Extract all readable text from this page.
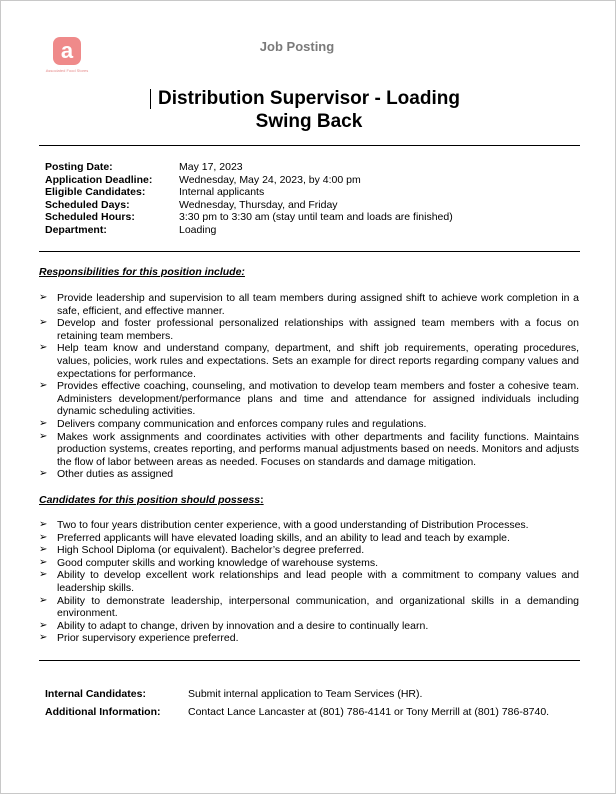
a
Associated Food Stores
Job Posting
Distribution Supervisor - Loading
Swing Back
Posting Date:	May 17, 2023
Application Deadline:	Wednesday, May 24, 2023, by 4:00 pm
Eligible Candidates:	Internal applicants
Scheduled Days:	Wednesday, Thursday, and Friday
Scheduled Hours:	3:30 pm to 3:30 am (stay until team and loads are finished)
Department:	Loading
Responsibilities for this position include:
➢ Provide leadership and supervision to all team members during assigned shift to achieve work completion in a safe, efficient, and effective manner.
➢ Develop and foster professional personalized relationships with assigned team members with a focus on retaining team members.
➢ Help team know and understand company, department, and shift job requirements, operating procedures, values, policies, work rules and expectations. Sets an example for direct reports regarding company values and expectations for performance.
➢ Provides effective coaching, counseling, and motivation to develop team members and foster a cohesive team. Administers development/performance plans and time and attendance for assigned individuals including dynamic scheduling activities.
➢ Delivers company communication and enforces company rules and regulations.
➢ Makes work assignments and coordinates activities with other departments and facility functions. Maintains production systems, creates reporting, and performs manual adjustments based on needs. Monitors and adjusts the flow of labor between areas as needed. Focuses on standards and damage mitigation.
➢ Other duties as assigned
Candidates for this position should possess:
➢ Two to four years distribution center experience, with a good understanding of Distribution Processes.
➢ Preferred applicants will have elevated loading skills, and an ability to lead and teach by example.
➢ High School Diploma (or equivalent). Bachelor’s degree preferred.
➢ Good computer skills and working knowledge of warehouse systems.
➢ Ability to develop excellent work relationships and lead people with a commitment to company values and leadership skills.
➢ Ability to demonstrate leadership, interpersonal communication, and organizational skills in a demanding environment.
➢ Ability to adapt to change, driven by innovation and a desire to continually learn.
➢ Prior supervisory experience preferred.
Internal Candidates:	Submit internal application to Team Services (HR).
Additional Information:	Contact Lance Lancaster at (801) 786-4141 or Tony Merrill at (801) 786-8740.
